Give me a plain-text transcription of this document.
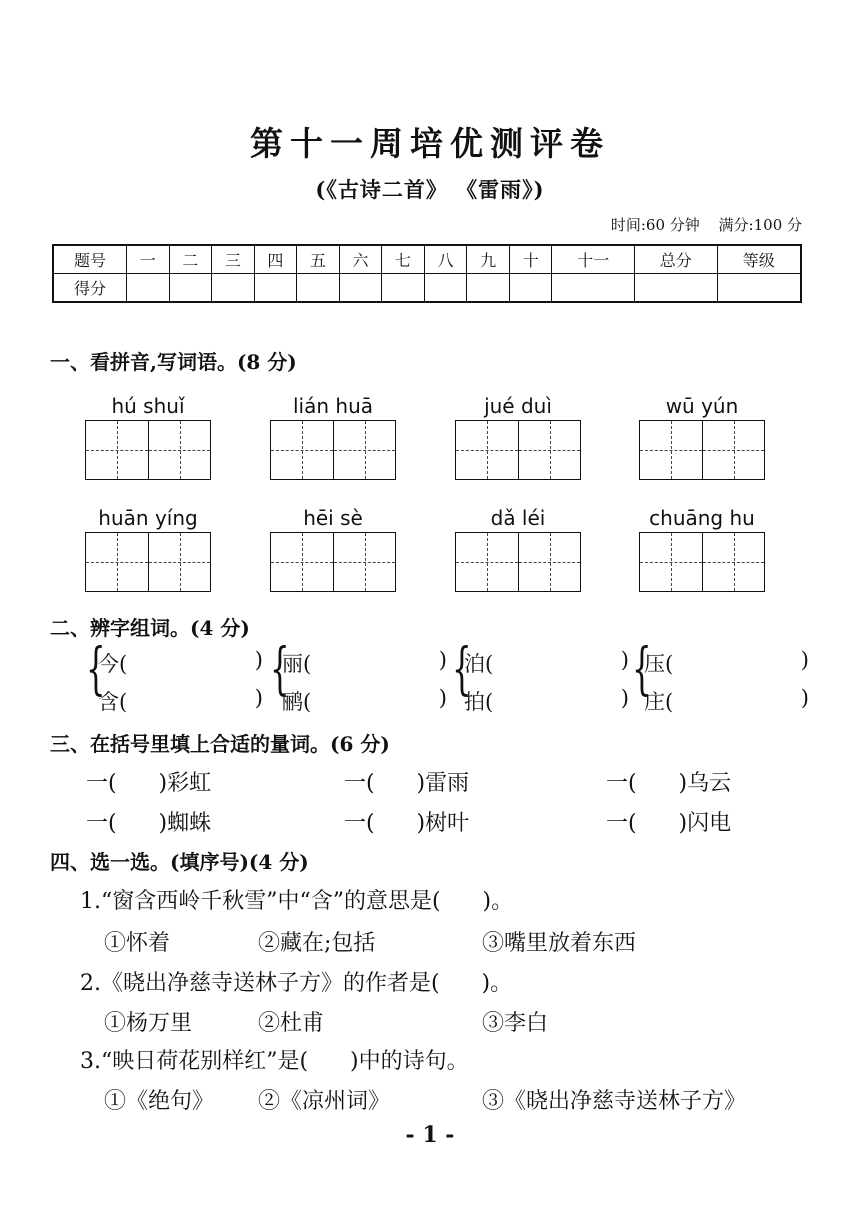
第十一周培优测评卷
(《古诗二首》 《雷雨》)
时间:60 分钟 满分:100 分
题号	一	二	三	四	五	六	七	八	九	十	十一	总分	等级
得分													
一、看拼音,写词语。(8 分)
hú shuǐ	lián huā	jué duì	wū yún
huān yíng	hēi sè	dǎ léi	chuāng hu
二、辨字组词。(4 分)
{
今(	)
含(	) {
丽(	)
鹂(	) {
泊(	)
拍(	) {
压(	)
庄(	)
三、在括号里填上合适的量词。(6 分)
一(      )彩虹	一(      )雷雨	一(      )乌云
一(      )蜘蛛	一(      )树叶	一(      )闪电
四、选一选。(填序号)(4 分)
1.“窗含西岭千秋雪”中“含”的意思是(      )。
①怀着	②藏在;包括	③嘴里放着东西
2.《晓出净慈寺送林子方》的作者是(      )。
①杨万里	②杜甫	③李白
3.“映日荷花别样红”是(      )中的诗句。
①《绝句》 ②《凉州词》	③《晓出净慈寺送林子方》
- 1 -
